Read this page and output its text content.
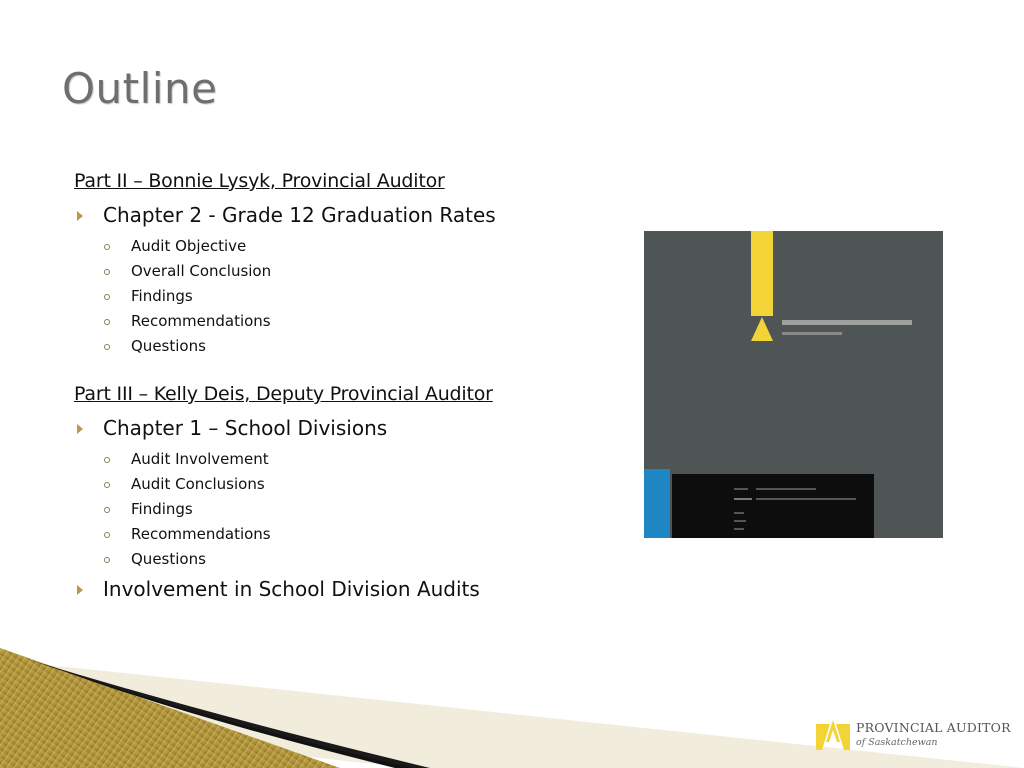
Outline
Part II – Bonnie Lysyk, Provincial Auditor
Chapter 2 - Grade 12 Graduation Rates
Audit Objective
Overall Conclusion
Findings
Recommendations
Questions
Part III – Kelly Deis, Deputy Provincial Auditor
Chapter 1 – School Divisions
Audit Involvement
Audit Conclusions
Findings
Recommendations
Questions
Involvement in School Division Audits
PROVINCIAL AUDITOR
of Saskatchewan
